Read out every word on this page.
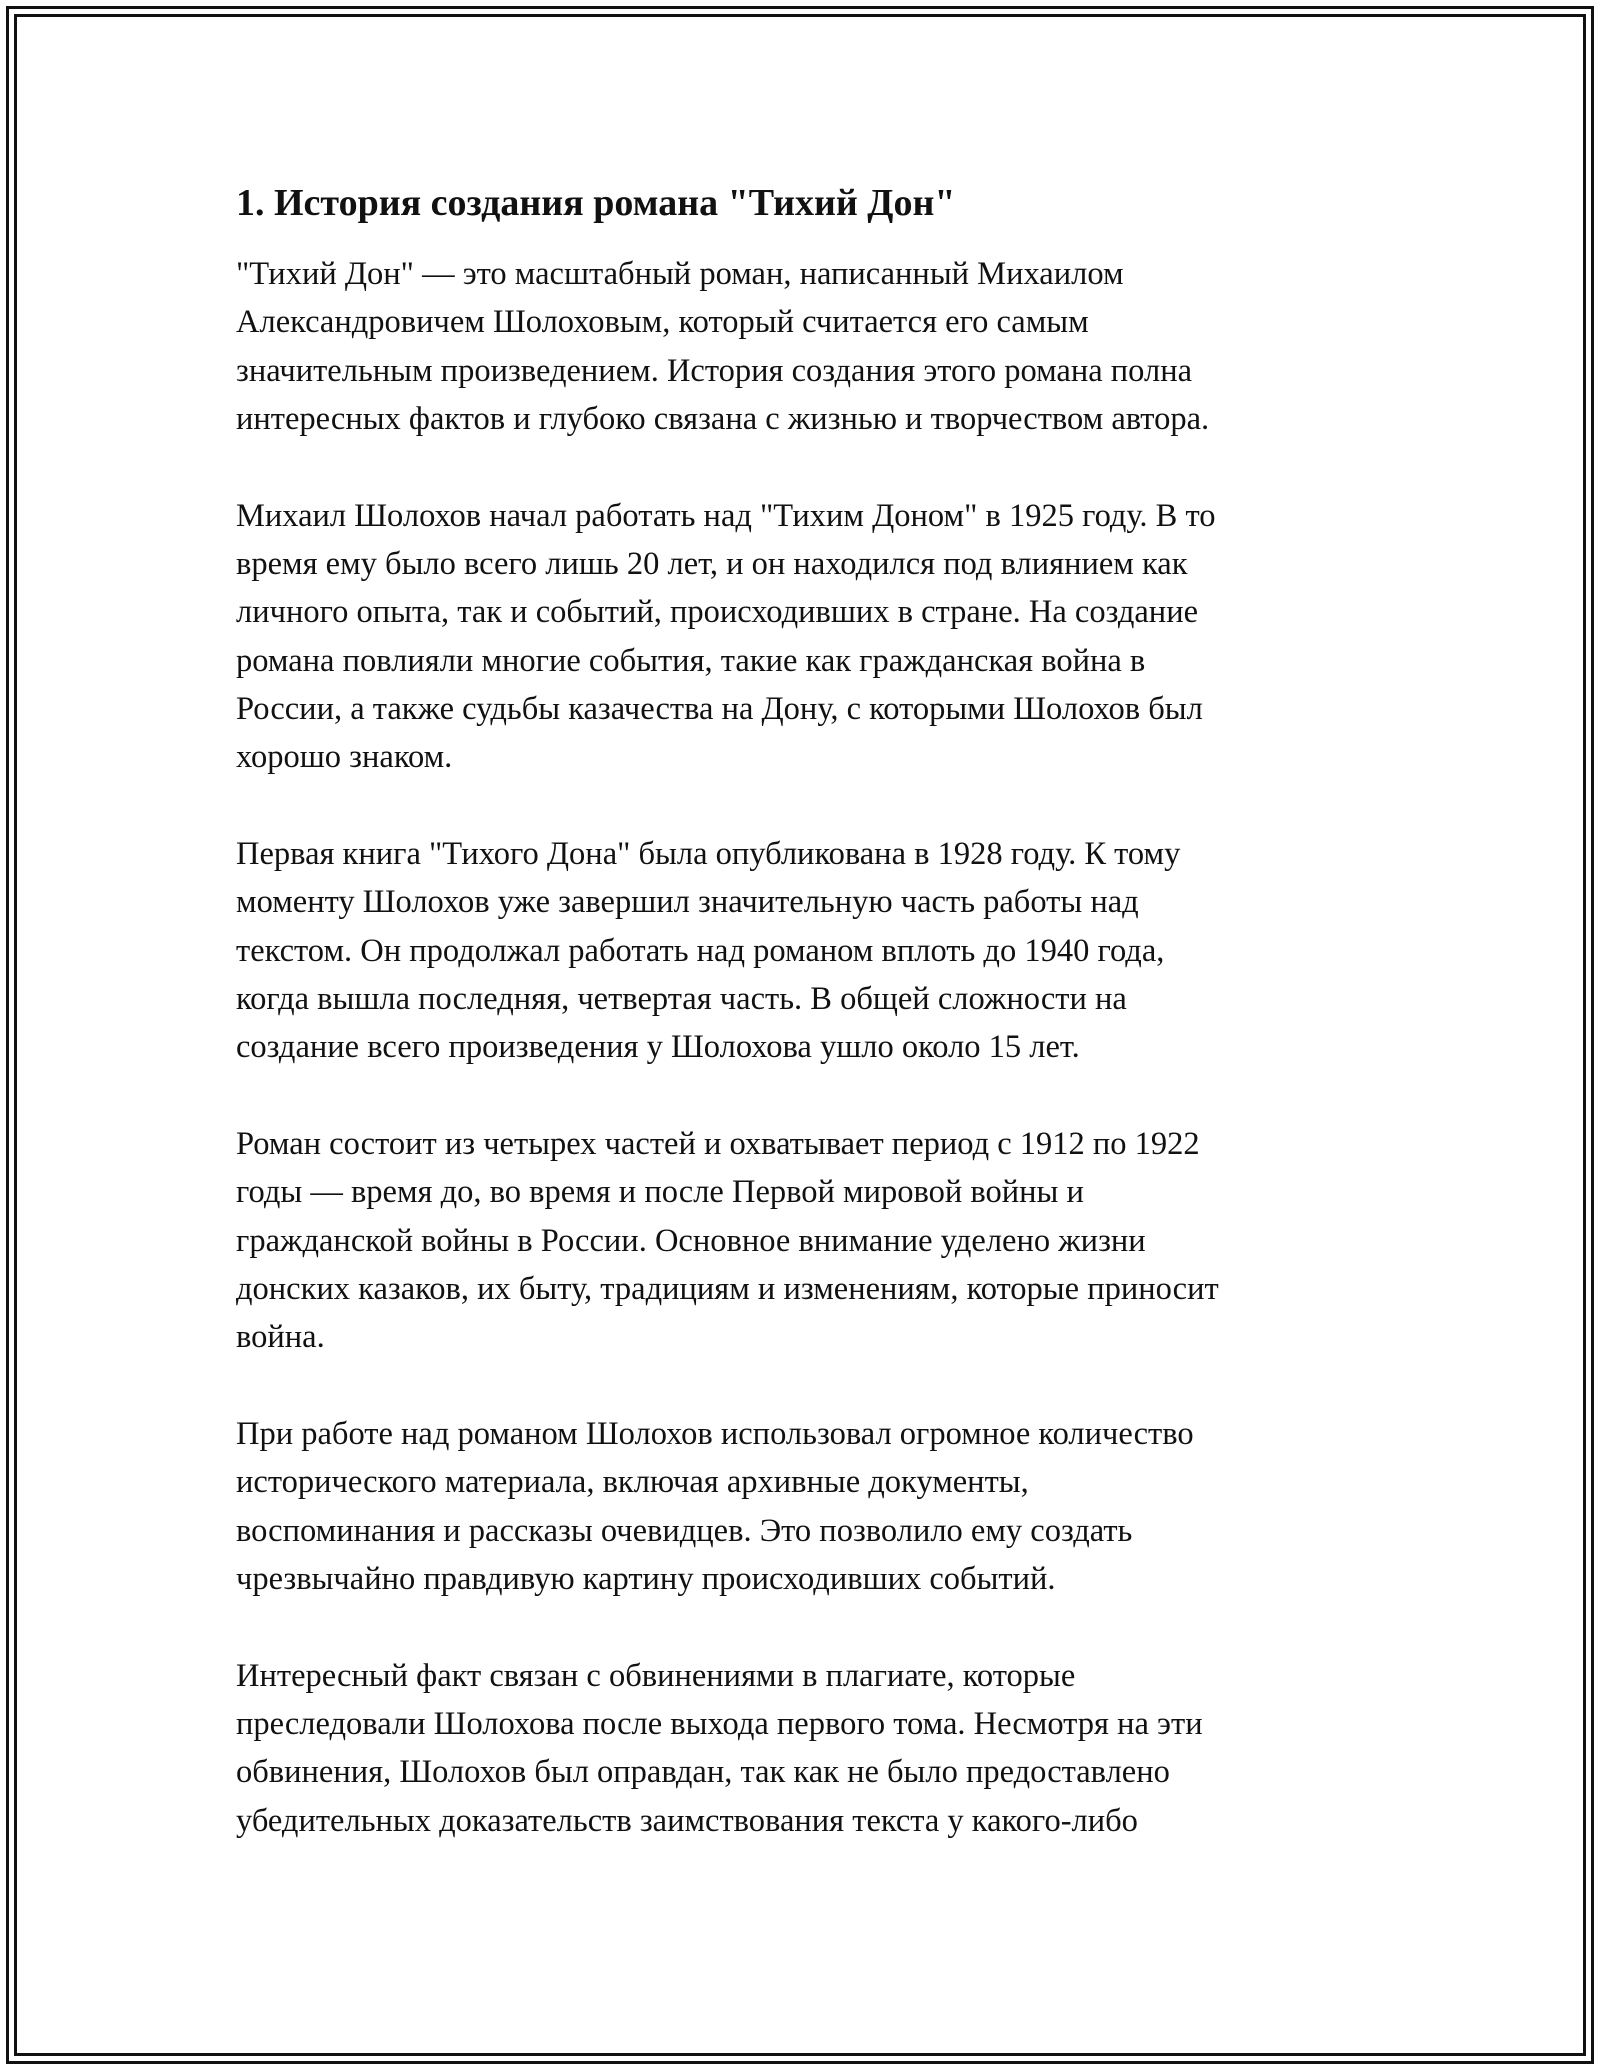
1. История создания романа "Тихий Дон"

"Тихий Дон" — это масштабный роман, написанный Михаилом
Александровичем Шолоховым, который считается его самым
значительным произведением. История создания этого романа полна
интересных фактов и глубоко связана с жизнью и творчеством автора.

Михаил Шолохов начал работать над "Тихим Доном" в 1925 году. В то
время ему было всего лишь 20 лет, и он находился под влиянием как
личного опыта, так и событий, происходивших в стране. На создание
романа повлияли многие события, такие как гражданская война в
России, а также судьбы казачества на Дону, с которыми Шолохов был
хорошо знаком.

Первая книга "Тихого Дона" была опубликована в 1928 году. К тому
моменту Шолохов уже завершил значительную часть работы над
текстом. Он продолжал работать над романом вплоть до 1940 года,
когда вышла последняя, четвертая часть. В общей сложности на
создание всего произведения у Шолохова ушло около 15 лет.

Роман состоит из четырех частей и охватывает период с 1912 по 1922
годы — время до, во время и после Первой мировой войны и
гражданской войны в России. Основное внимание уделено жизни
донских казаков, их быту, традициям и изменениям, которые приносит
война.

При работе над романом Шолохов использовал огромное количество
исторического материала, включая архивные документы,
воспоминания и рассказы очевидцев. Это позволило ему создать
чрезвычайно правдивую картину происходивших событий.

Интересный факт связан с обвинениями в плагиате, которые
преследовали Шолохова после выхода первого тома. Несмотря на эти
обвинения, Шолохов был оправдан, так как не было предоставлено
убедительных доказательств заимствования текста у какого-либо
